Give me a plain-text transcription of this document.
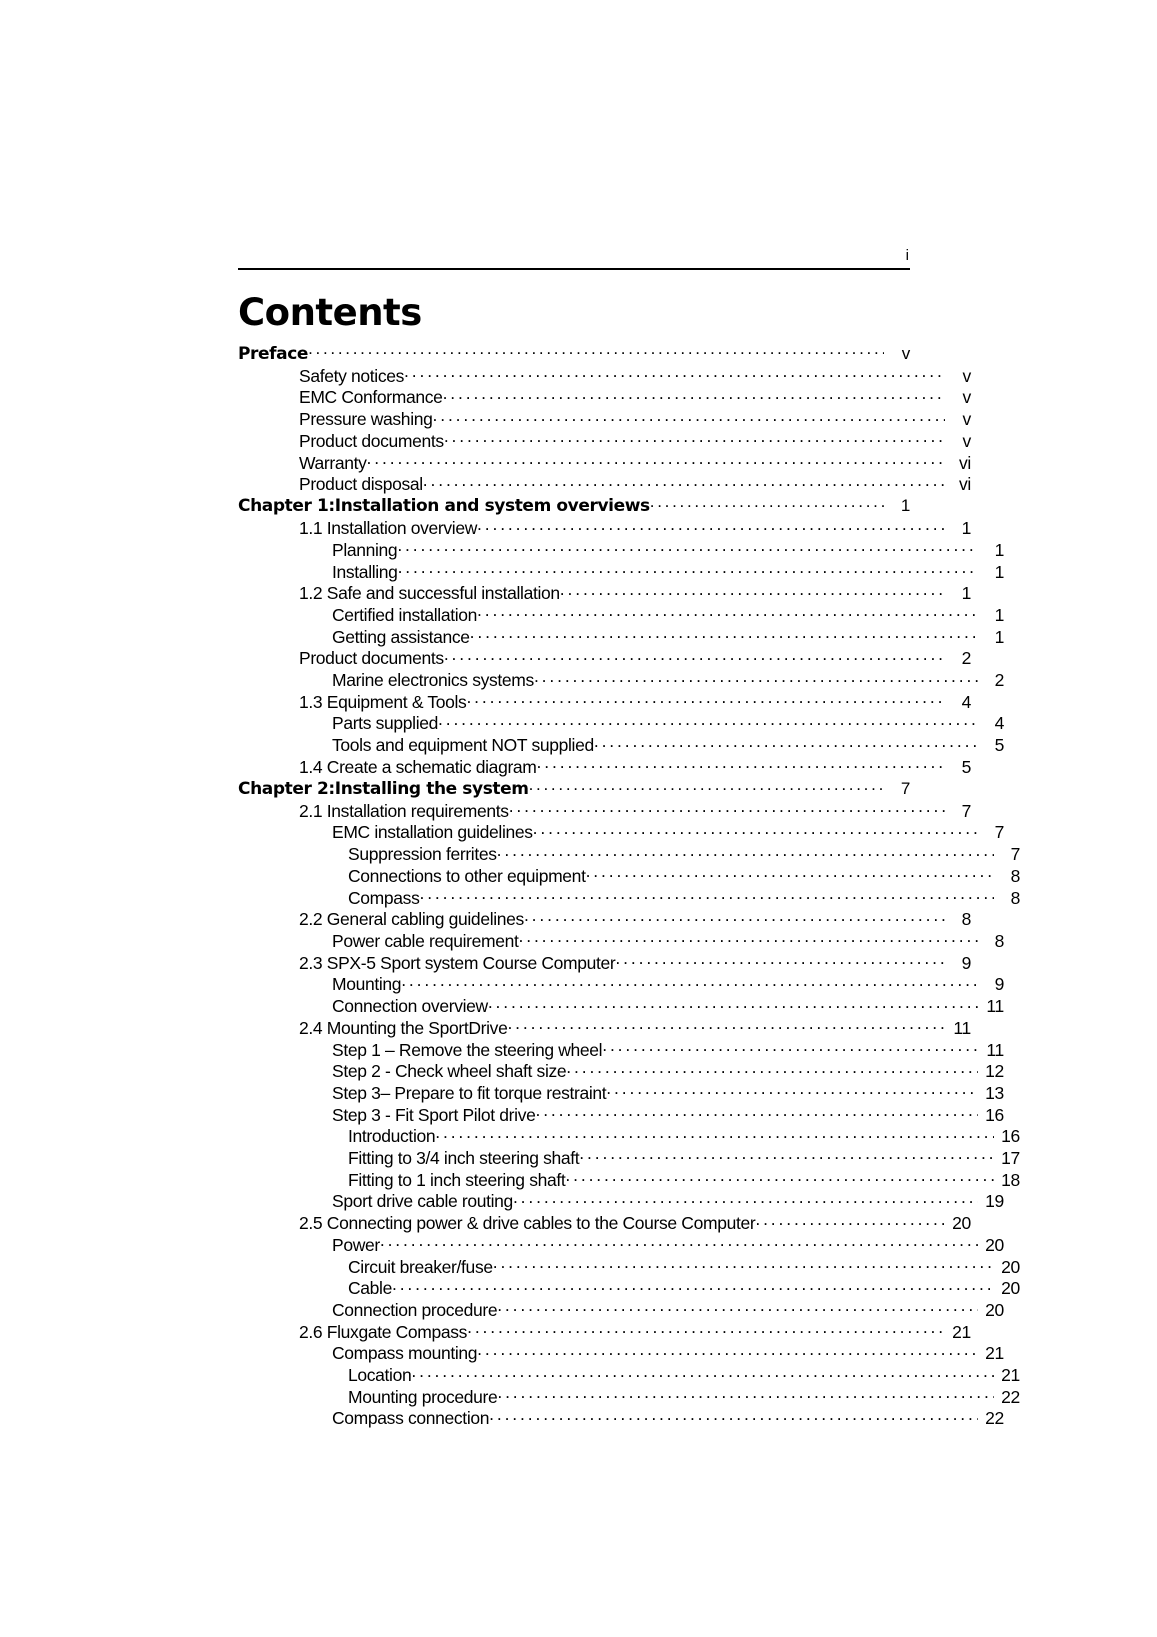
i
Contents
Preface . . .	v
Safety notices . . .	v
EMC Conformance . . .	v
Pressure washing . . .	v
Product documents . . .	v
Warranty . . .	vi
Product disposal . . .	vi
Chapter 1:Installation and system overviews . . .	1
1.1 Installation overview . . .	1
Planning . . .	1
Installing . . .	1
1.2 Safe and successful installation . . .	1
Certified installation . . .	1
Getting assistance . . .	1
Product documents . . .	2
Marine electronics systems . . .	2
1.3 Equipment & Tools . . .	4
Parts supplied . . .	4
Tools and equipment NOT supplied . . .	5
1.4 Create a schematic diagram . . .	5
Chapter 2:Installing the system . . .	7
2.1 Installation requirements . . .	7
EMC installation guidelines . . .	7
Suppression ferrites . . .	7
Connections to other equipment . . .	8
Compass . . .	8
2.2 General cabling guidelines . . .	8
Power cable requirement . . .	8
2.3 SPX-5 Sport system Course Computer . . .	9
Mounting . . .	9
Connection overview . . .	11
2.4 Mounting the SportDrive . . .	11
Step 1 – Remove the steering wheel . . .	11
Step 2 - Check wheel shaft size . . .	12
Step 3– Prepare to fit torque restraint . . .	13
Step 3 - Fit Sport Pilot drive . . .	16
Introduction . . .	16
Fitting to 3/4 inch steering shaft . . .	17
Fitting to 1 inch steering shaft . . .	18
Sport drive cable routing . . .	19
2.5 Connecting power & drive cables to the Course Computer . . .	20
Power . . .	20
Circuit breaker/fuse . . .	20
Cable . . .	20
Connection procedure . . .	20
2.6 Fluxgate Compass . . .	21
Compass mounting . . .	21
Location . . .	21
Mounting procedure . . .	22
Compass connection . . .	22
